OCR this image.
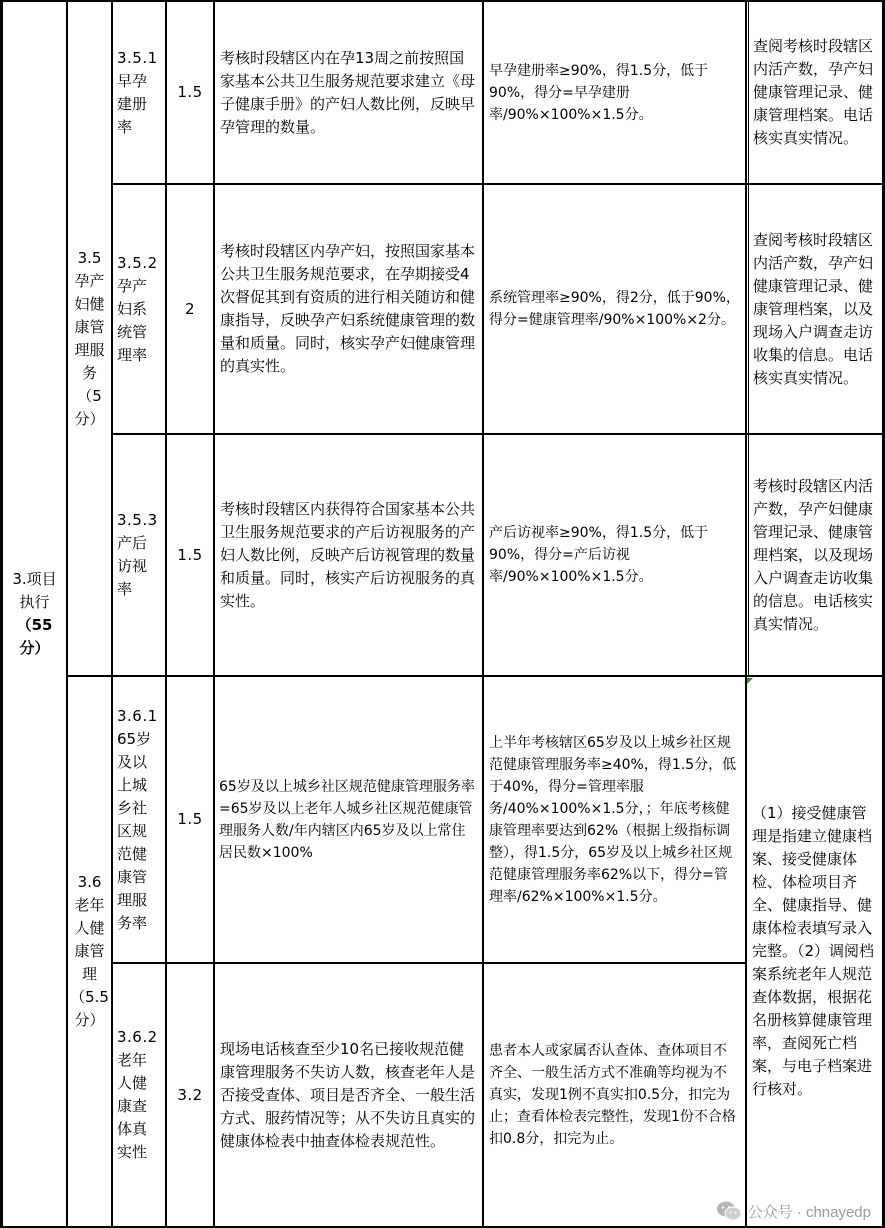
3.项目执行
（55分）
3.5
孕产妇健康管理服务
（5分）
3.6
老年人健康管理
（5.5分）
3.5.1
早孕建册率
1.5
考核时段辖区内在孕13周之前按照国家基本公共卫生服务规范要求建立《母子健康手册》的产妇人数比例，反映早孕管理的数量。
早孕建册率≥90%，得1.5分，低于90%，得分=早孕建册率/90%×100%×1.5分。
查阅考核时段辖区内活产数，孕产妇健康管理记录、健康管理档案。电话核实真实情况。
3.5.2
孕产妇系统管理率
2
考核时段辖区内孕产妇，按照国家基本公共卫生服务规范要求，在孕期接受4次督促其到有资质的进行相关随访和健康指导，反映孕产妇系统健康管理的数量和质量。同时，核实孕产妇健康管理的真实性。
系统管理率≥90%，得2分，低于90%，得分=健康管理率/90%×100%×2分。
查阅考核时段辖区内活产数，孕产妇健康管理记录、健康管理档案，以及现场入户调查走访收集的信息。电话核实真实情况。
3.5.3
产后访视率
1.5
考核时段辖区内获得符合国家基本公共卫生服务规范要求的产后访视服务的产妇人数比例，反映产后访视管理的数量和质量。同时，核实产后访视服务的真实性。
产后访视率≥90%，得1.5分，低于90%，得分=产后访视率/90%×100%×1.5分。
考核时段辖区内活产数，孕产妇健康管理记录、健康管理档案，以及现场入户调查走访收集的信息。电话核实真实情况。
3.6.1
65岁及以上城乡社区规范健康管理服务率
1.5
65岁及以上城乡社区规范健康管理服务率=65岁及以上老年人城乡社区规范健康管理服务人数/年内辖区内65岁及以上常住居民数×100%
上半年考核辖区65岁及以上城乡社区规范健康管理服务率≥40%，得1.5分，低于40%，得分=管理率服务/40%×100%×1.5分，；年底考核健康管理率要达到62%（根据上级指标调整），得1.5分，65岁及以上城乡社区规范健康管理服务率62%以下，得分=管理率/62%×100%×1.5分。
3.6.2
老年人健康查体真实性
3.2
现场电话核查至少10名已接收规范健康管理服务不失访人数，核查老年人是否接受查体、项目是否齐全、一般生活方式、服药情况等；从不失访且真实的健康体检表中抽查体检表规范性。
患者本人或家属否认查体、查体项目不齐全、一般生活方式不准确等均视为不真实，发现1例不真实扣0.5分，扣完为止；查看体检表完整性，发现1份不合格扣0.8分，扣完为止。
（1）接受健康管理是指建立健康档案、接受健康体检、体检项目齐全、健康指导、健康体检表填写录入完整。（2）调阅档案系统老年人规范查体数据，根据花名册核算健康管理率，查阅死亡档案，与电子档案进行核对。
公众号 · chnayedp
